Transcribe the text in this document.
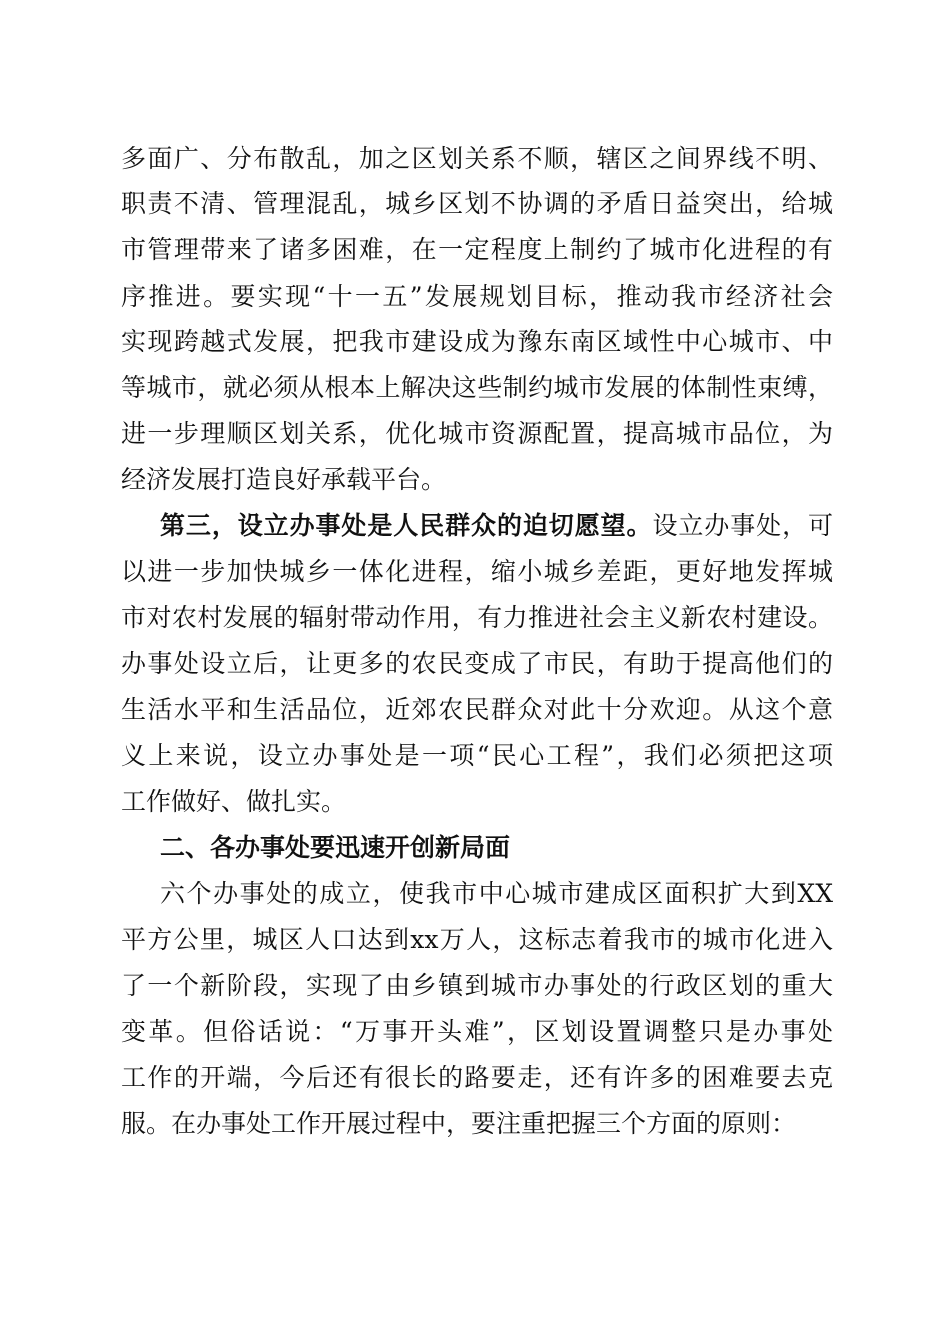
多面广、分布散乱，加之区划关系不顺，辖区之间界线不明、
职责不清、管理混乱，城乡区划不协调的矛盾日益突出，给城
市管理带来了诸多困难，在一定程度上制约了城市化进程的有
序推进。要实现“十一五”发展规划目标，推动我市经济社会
实现跨越式发展，把我市建设成为豫东南区域性中心城市、中
等城市，就必须从根本上解决这些制约城市发展的体制性束缚，
进一步理顺区划关系，优化城市资源配置，提高城市品位，为
经济发展打造良好承载平台。
第三，设立办事处是人民群众的迫切愿望。设立办事处，可
以进一步加快城乡一体化进程，缩小城乡差距，更好地发挥城
市对农村发展的辐射带动作用，有力推进社会主义新农村建设。
办事处设立后，让更多的农民变成了市民，有助于提高他们的
生活水平和生活品位，近郊农民群众对此十分欢迎。从这个意
义上来说，设立办事处是一项“民心工程”，我们必须把这项
工作做好、做扎实。
二、各办事处要迅速开创新局面
六个办事处的成立，使我市中心城市建成区面积扩大到XX
平方公里，城区人口达到xx万人，这标志着我市的城市化进入
了一个新阶段，实现了由乡镇到城市办事处的行政区划的重大
变革。但俗话说：“万事开头难”，区划设置调整只是办事处
工作的开端，今后还有很长的路要走，还有许多的困难要去克
服。在办事处工作开展过程中，要注重把握三个方面的原则：
